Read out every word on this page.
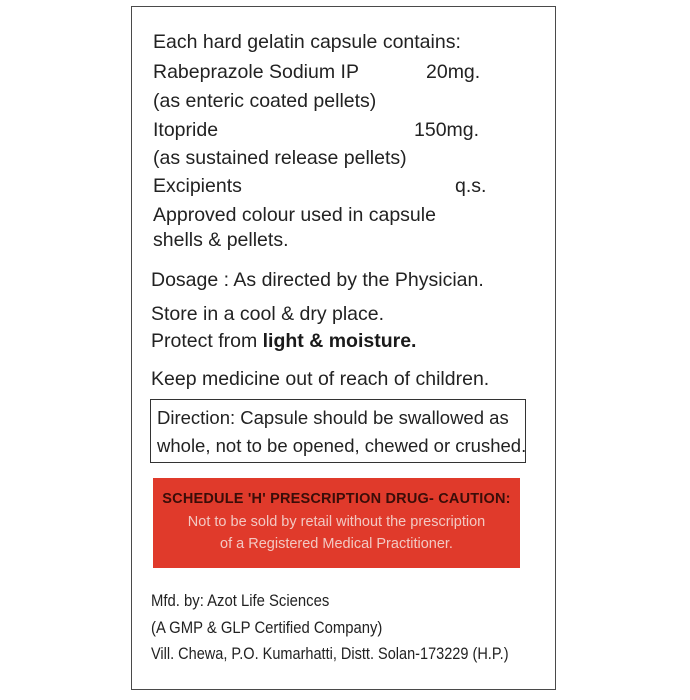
Each hard gelatin capsule contains:
Rabeprazole Sodium IP	20mg.
(as enteric coated pellets)
Itopride	150mg.
(as sustained release pellets)
Excipients	q.s.
Approved colour used in capsule
shells & pellets.
Dosage : As directed by the Physician.
Store in a cool & dry place.
Protect from light & moisture.
Keep medicine out of reach of children.
Direction: Capsule should be swallowed as
whole, not to be opened, chewed or crushed.
SCHEDULE 'H' PRESCRIPTION DRUG- CAUTION:
Not to be sold by retail without the prescription
of a Registered Medical Practitioner.
Mfd. by: Azot Life Sciences
(A GMP & GLP Certified Company)
Vill. Chewa, P.O. Kumarhatti, Distt. Solan-173229 (H.P.)
